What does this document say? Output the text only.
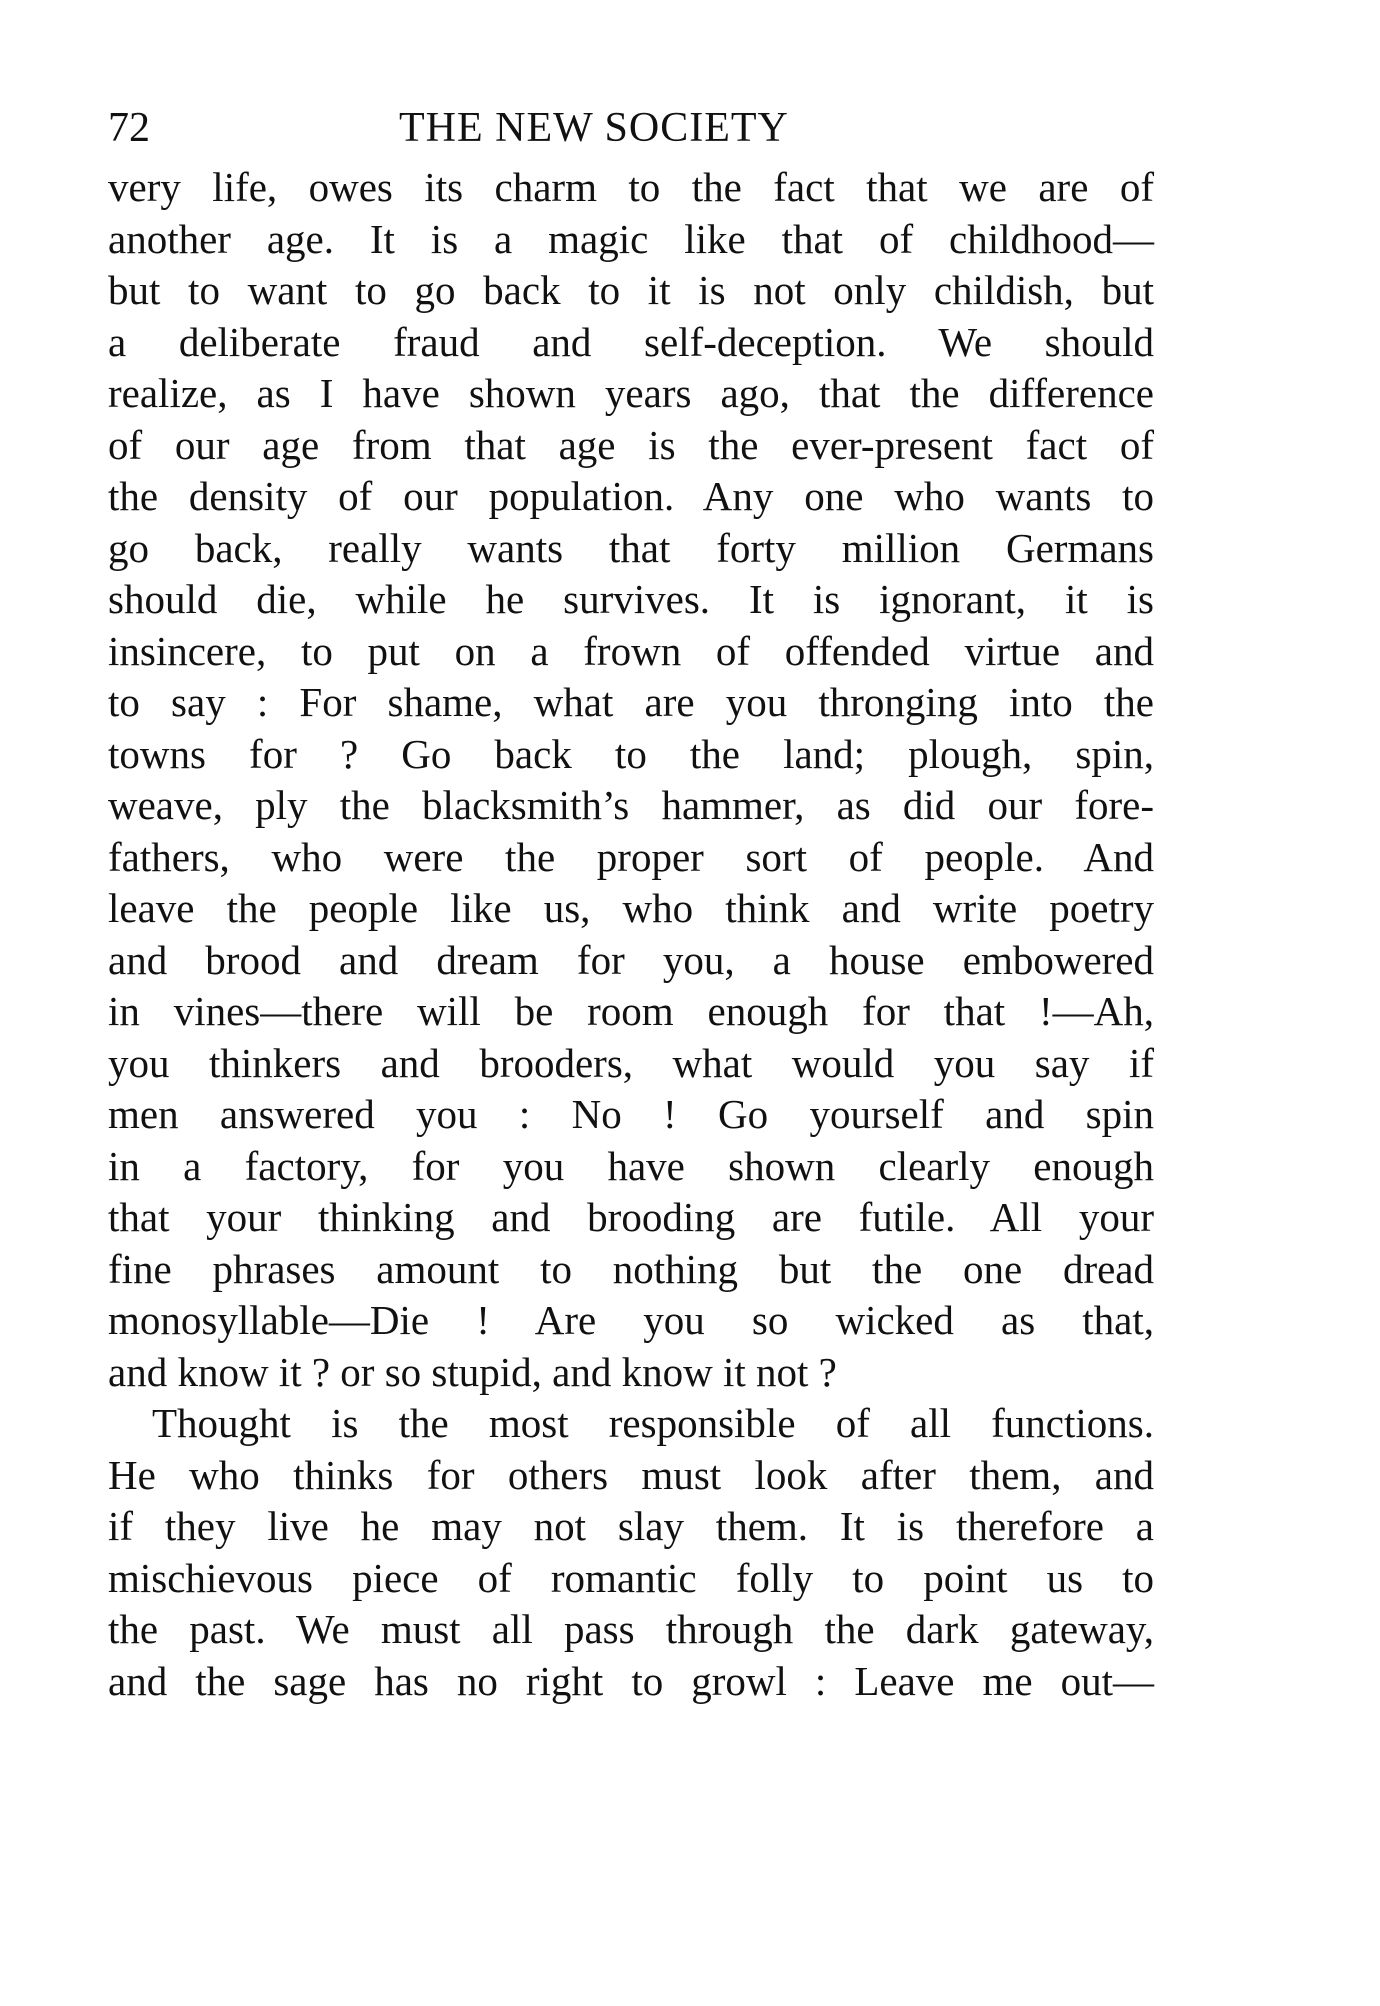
72	THE NEW SOCIETY
very life, owes its charm to the fact that we are of
another age. It is a magic like that of childhood—
but to want to go back to it is not only childish, but
a deliberate fraud and self-deception. We should
realize, as I have shown years ago, that the difference
of our age from that age is the ever-present fact of
the density of our population. Any one who wants to
go back, really wants that forty million Germans
should die, while he survives. It is ignorant, it is
insincere, to put on a frown of offended virtue and
to say : For shame, what are you thronging into the
towns for ? Go back to the land; plough, spin,
weave, ply the blacksmith’s hammer, as did our fore-
fathers, who were the proper sort of people. And
leave the people like us, who think and write poetry
and brood and dream for you, a house embowered
in vines—there will be room enough for that !—Ah,
you thinkers and brooders, what would you say if
men answered you : No ! Go yourself and spin
in a factory, for you have shown clearly enough
that your thinking and brooding are futile. All your
fine phrases amount to nothing but the one dread
monosyllable—Die ! Are you so wicked as that,
and know it ? or so stupid, and know it not ?
Thought is the most responsible of all functions.
He who thinks for others must look after them, and
if they live he may not slay them. It is therefore a
mischievous piece of romantic folly to point us to
the past. We must all pass through the dark gateway,
and the sage has no right to growl : Leave me out—
